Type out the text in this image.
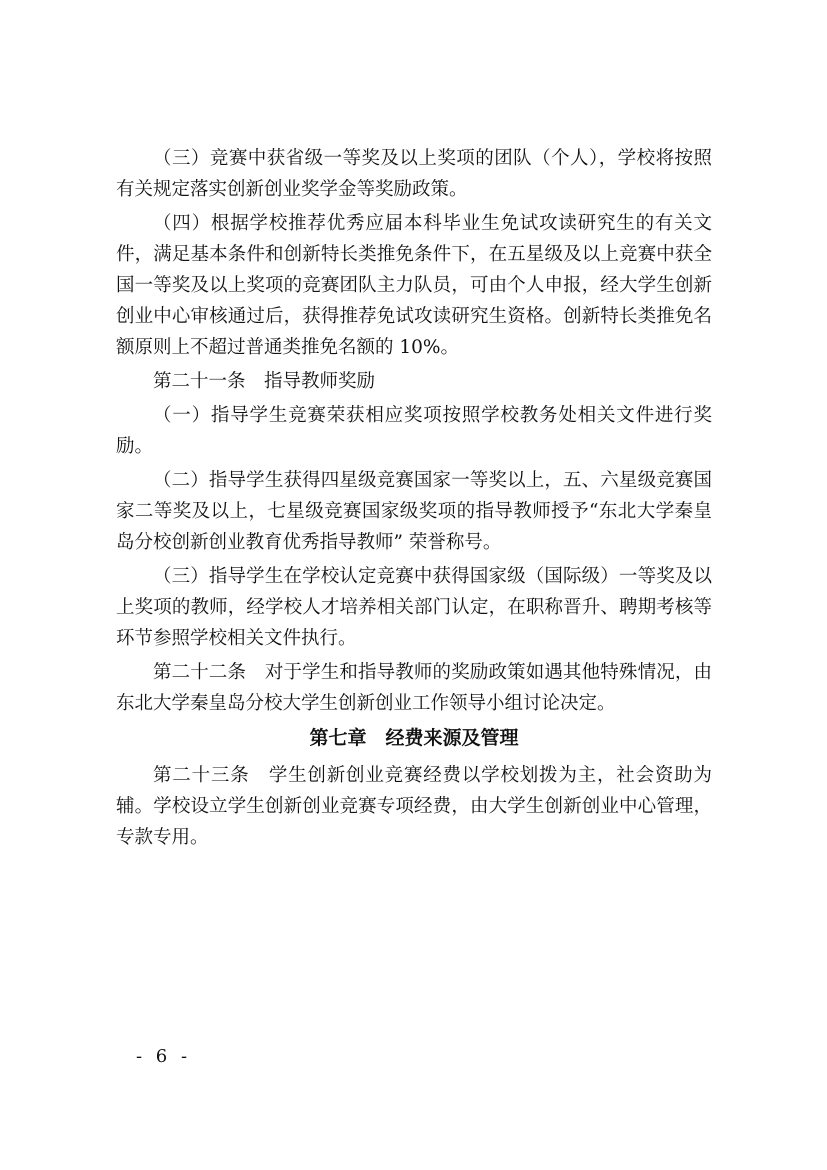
（三）竞赛中获省级一等奖及以上奖项的团队（个人），学校将按照有关规定落实创新创业奖学金等奖励政策。

（四）根据学校推荐优秀应届本科毕业生免试攻读研究生的有关文件，满足基本条件和创新特长类推免条件下，在五星级及以上竞赛中获全国一等奖及以上奖项的竞赛团队主力队员，可由个人申报，经大学生创新创业中心审核通过后，获得推荐免试攻读研究生资格。创新特长类推免名额原则上不超过普通类推免名额的 10%。

第二十一条　指导教师奖励

（一）指导学生竞赛荣获相应奖项按照学校教务处相关文件进行奖励。

（二）指导学生获得四星级竞赛国家一等奖以上，五、六星级竞赛国家二等奖及以上，七星级竞赛国家级奖项的指导教师授予“东北大学秦皇岛分校创新创业教育优秀指导教师” 荣誉称号。

（三）指导学生在学校认定竞赛中获得国家级（国际级）一等奖及以上奖项的教师，经学校人才培养相关部门认定，在职称晋升、聘期考核等环节参照学校相关文件执行。

第二十二条　对于学生和指导教师的奖励政策如遇其他特殊情况，由东北大学秦皇岛分校大学生创新创业工作领导小组讨论决定。

第七章　经费来源及管理

第二十三条　学生创新创业竞赛经费以学校划拨为主，社会资助为辅。学校设立学生创新创业竞赛专项经费，由大学生创新创业中心管理，专款专用。

- 6 -
